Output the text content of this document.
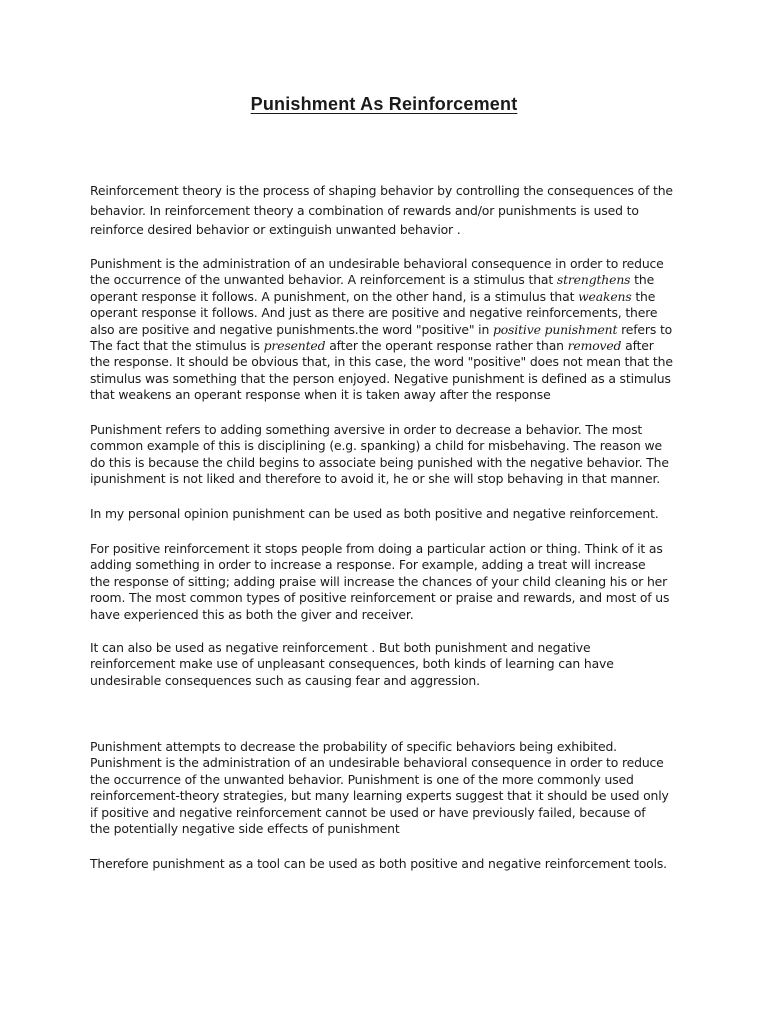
Punishment As Reinforcement

Reinforcement theory is the process of shaping behavior by controlling the consequences of the
behavior. In reinforcement theory a combination of rewards and/or punishments is used to
reinforce desired behavior or extinguish unwanted behavior .

Punishment is the administration of an undesirable behavioral consequence in order to reduce
the occurrence of the unwanted behavior. A reinforcement is a stimulus that strengthens the
operant response it follows. A punishment, on the other hand, is a stimulus that weakens the
operant response it follows. And just as there are positive and negative reinforcements, there
also are positive and negative punishments.the word "positive" in positive punishment refers to
The fact that the stimulus is presented after the operant response rather than removed after
the response. It should be obvious that, in this case, the word "positive" does not mean that the
stimulus was something that the person enjoyed. Negative punishment is defined as a stimulus
that weakens an operant response when it is taken away after the response

Punishment refers to adding something aversive in order to decrease a behavior. The most
common example of this is disciplining (e.g. spanking) a child for misbehaving. The reason we
do this is because the child begins to associate being punished with the negative behavior. The
ipunishment is not liked and therefore to avoid it, he or she will stop behaving in that manner.

In my personal opinion punishment can be used as both positive and negative reinforcement.

For positive reinforcement it stops people from doing a particular action or thing. Think of it as
adding something in order to increase a response. For example, adding a treat will increase
the response of sitting; adding praise will increase the chances of your child cleaning his or her
room. The most common types of positive reinforcement or praise and rewards, and most of us
have experienced this as both the giver and receiver.

It can also be used as negative reinforcement . But both punishment and negative
reinforcement make use of unpleasant consequences, both kinds of learning can have
undesirable consequences such as causing fear and aggression.

Punishment attempts to decrease the probability of specific behaviors being exhibited.
Punishment is the administration of an undesirable behavioral consequence in order to reduce
the occurrence of the unwanted behavior. Punishment is one of the more commonly used
reinforcement-theory strategies, but many learning experts suggest that it should be used only
if positive and negative reinforcement cannot be used or have previously failed, because of
the potentially negative side effects of punishment

Therefore punishment as a tool can be used as both positive and negative reinforcement tools.
